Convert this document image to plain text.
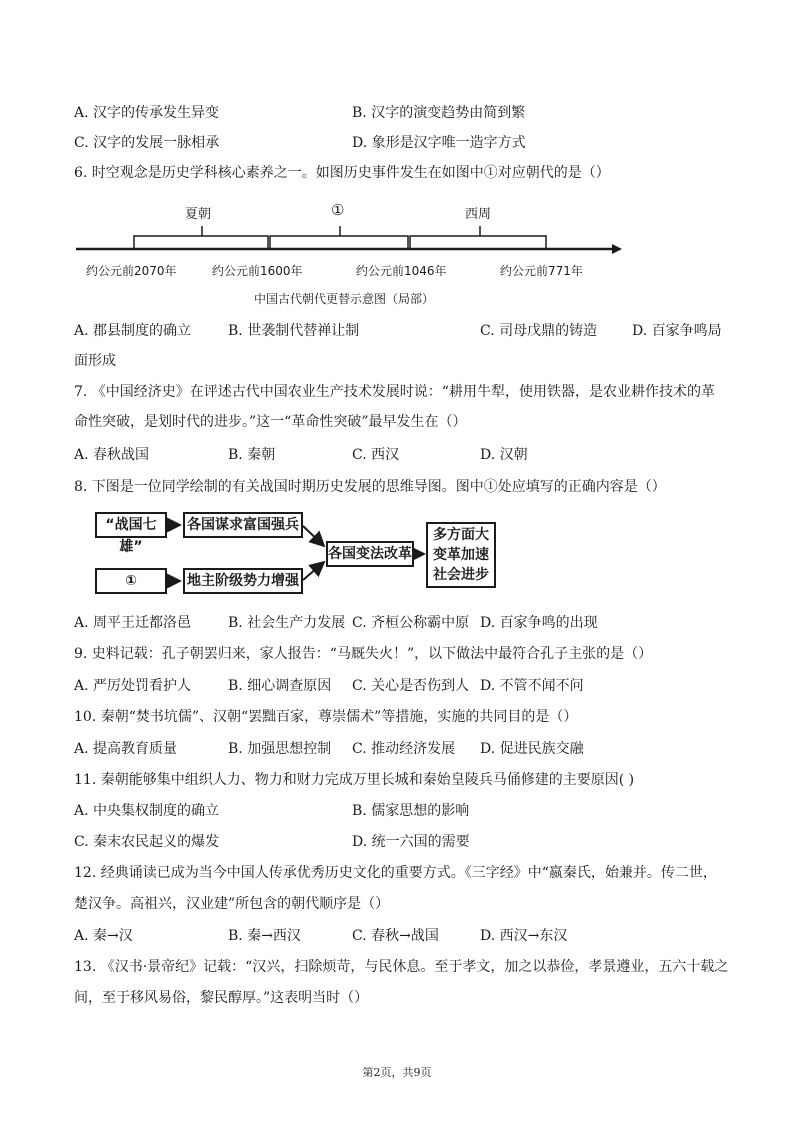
A. 汉字的传承发生异变	B. 汉字的演变趋势由简到繁
C. 汉字的发展一脉相承	D. 象形是汉字唯一造字方式
6. 时空观念是历史学科核心素养之一。如图历史事件发生在如图中①对应朝代的是（）
夏朝	①	西周
约公元前2070年	约公元前1600年	约公元前1046年	约公元前771年
中国古代朝代更替示意图（局部）
A. 郡县制度的确立	B. 世袭制代替禅让制	C. 司母戊鼎的铸造 D. 百家争鸣局
面形成
7. 《中国经济史》在评述古代中国农业生产技术发展时说：“耕用牛犁，使用铁器，是农业耕作技术的革
命性突破，是划时代的进步。”这一“革命性突破”最早发生在（）
A. 春秋战国	B. 秦朝	C. 西汉	D. 汉朝
8. 下图是一位同学绘制的有关战国时期历史发展的思维导图。图中①处应填写的正确内容是（）
“战国七雄”
各国谋求富国强兵
①	地主阶级势力增强
各国变法改革
多方面大
变革加速
社会进步
A. 周平王迁都洛邑	B. 社会生产力发展 C. 齐桓公称霸中原 D. 百家争鸣的出现
9. 史料记载：孔子朝罢归来，家人报告：“马厩失火！”，以下做法中最符合孔子主张的是（）
A. 严厉处罚看护人	B. 细心调查原因 C. 关心是否伤到人 D. 不管不闻不问
10. 秦朝“焚书坑儒”、汉朝“罢黜百家，尊崇儒术”等措施，实施的共同目的是（）
A. 提高教育质量	B. 加强思想控制 C. 推动经济发展 D. 促进民族交融
11. 秦朝能够集中组织人力、物力和财力完成万里长城和秦始皇陵兵马俑修建的主要原因( )
A. 中央集权制度的确立	B. 儒家思想的影响
C. 秦末农民起义的爆发	D. 统一六国的需要
12. 经典诵读已成为当今中国人传承优秀历史文化的重要方式。《三字经》中“嬴秦氏，始兼并。传二世，
楚汉争。高祖兴，汉业建”所包含的朝代顺序是（）
A. 秦→汉	B. 秦→西汉	C. 春秋→战国	D. 西汉→东汉
13. 《汉书·景帝纪》记载：“汉兴，扫除烦苛，与民休息。至于孝文，加之以恭俭，孝景遵业，五六十载之
间，至于移风易俗，黎民醇厚。”这表明当时（）
第2页，共9页
